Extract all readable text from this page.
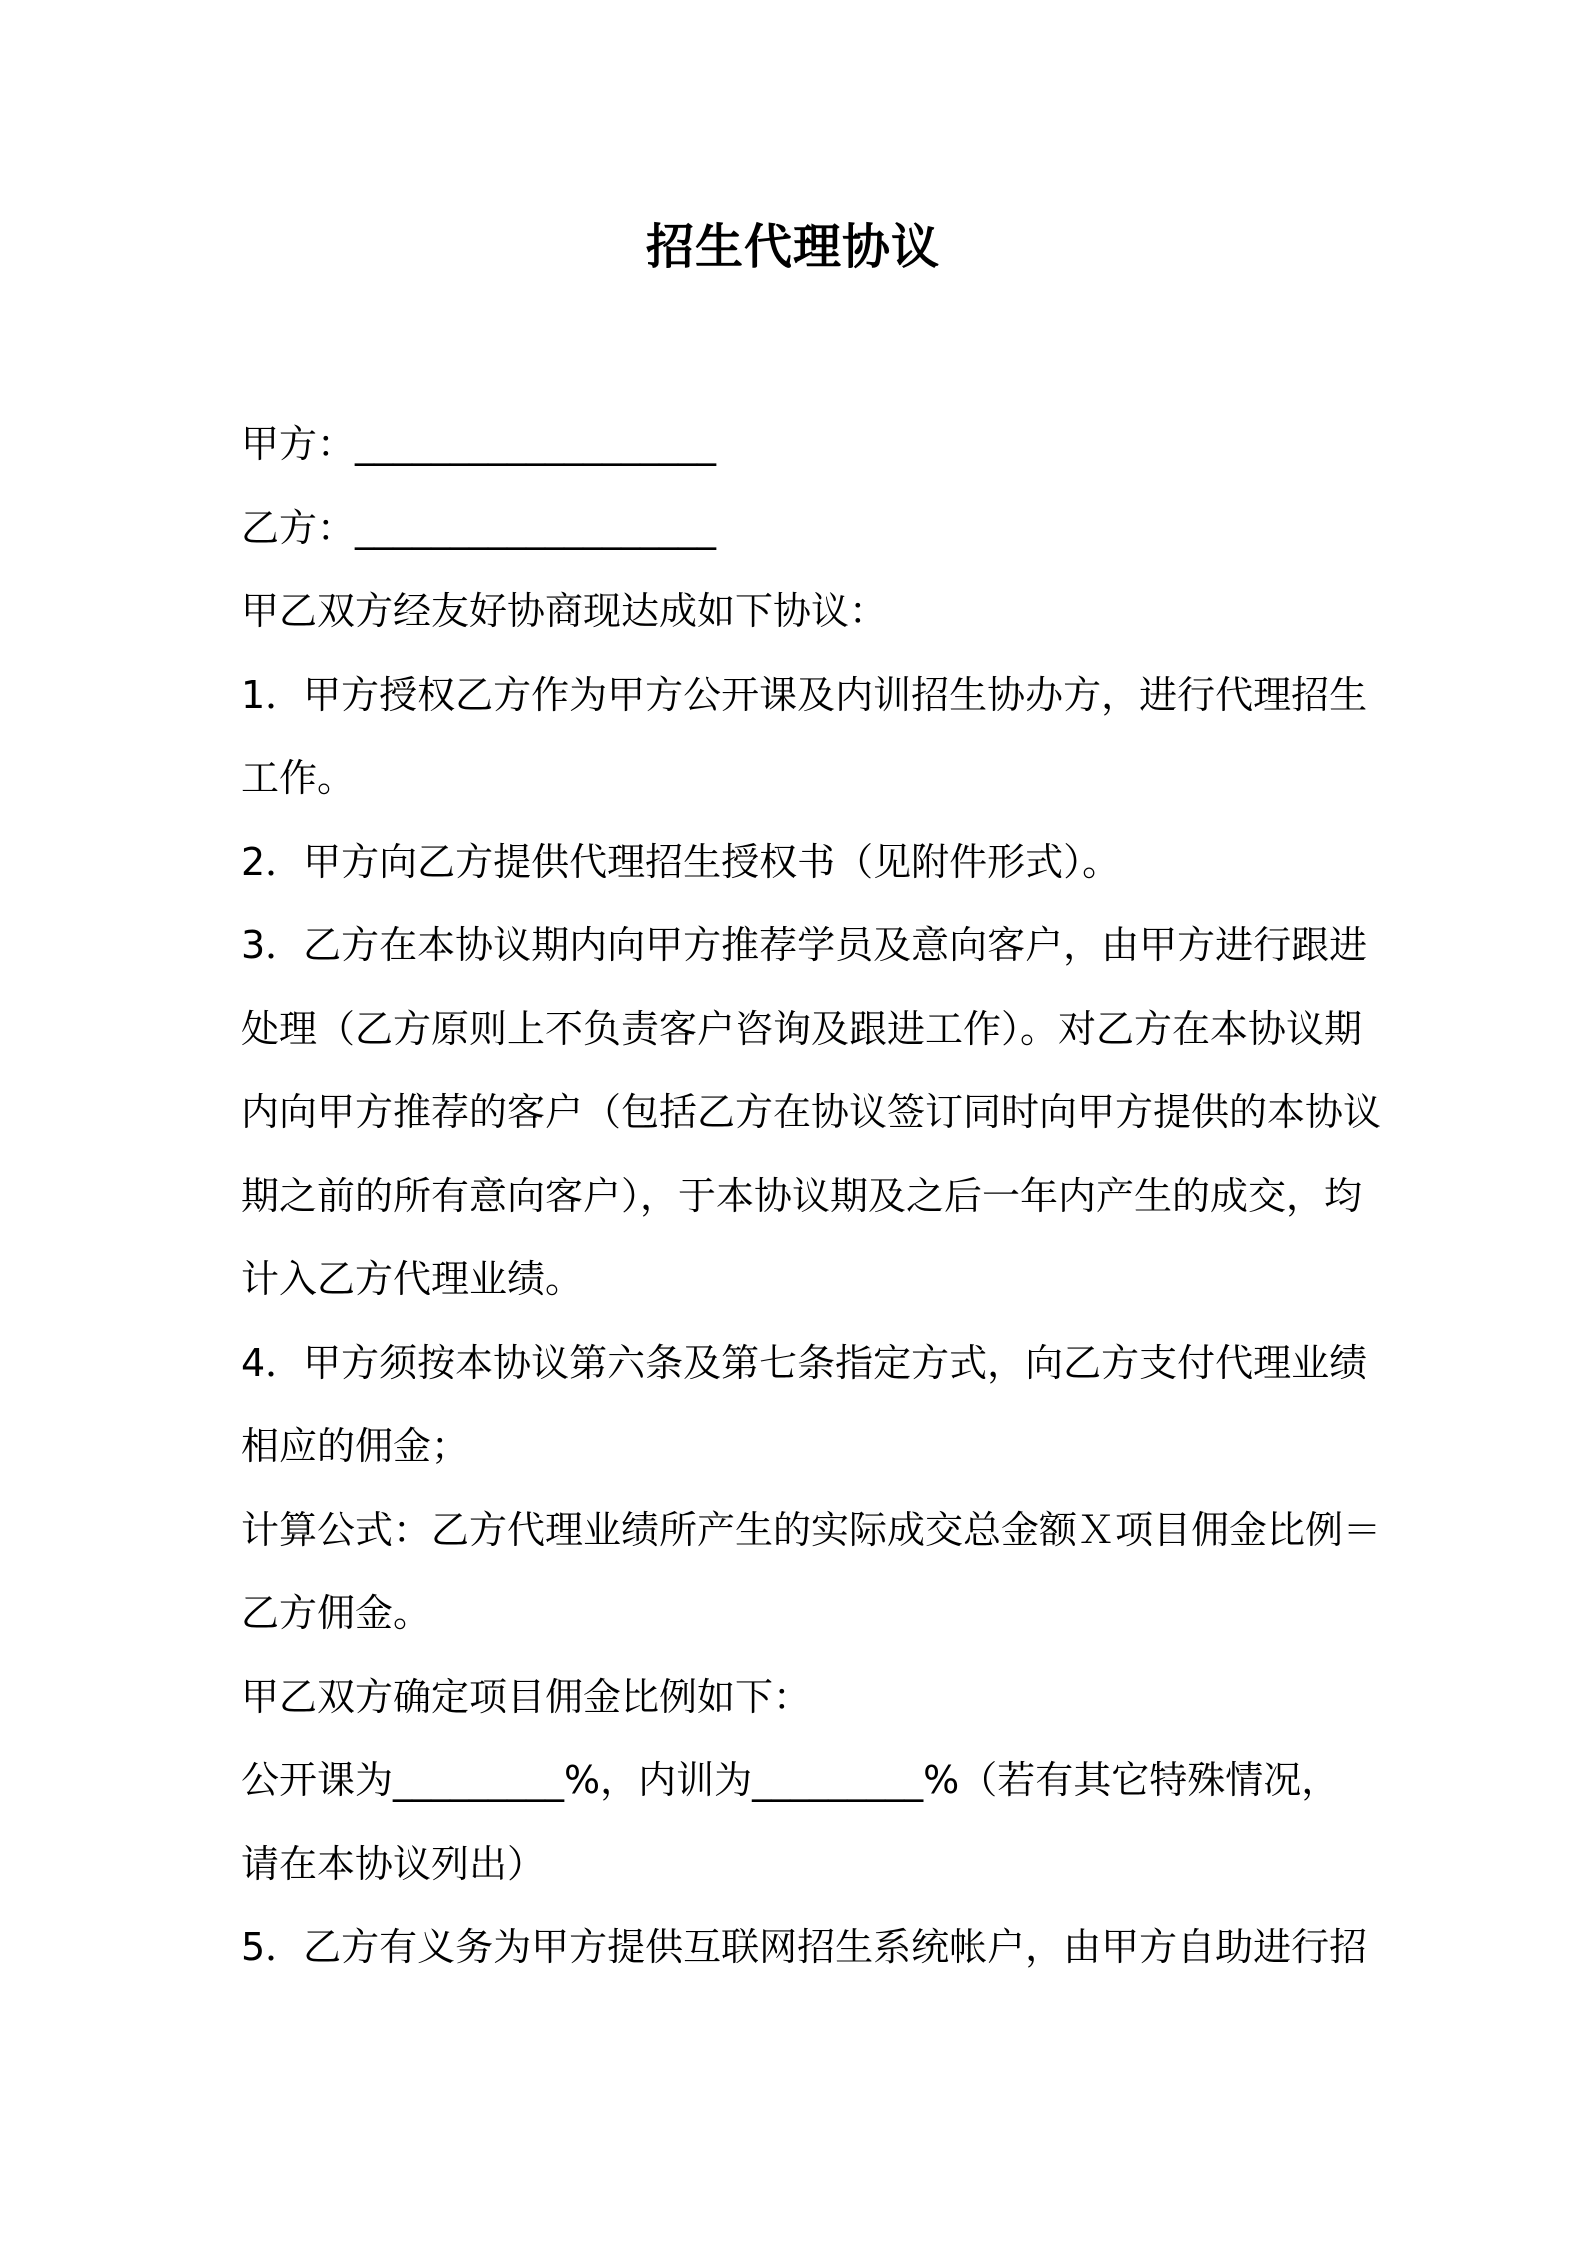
招生代理协议
甲方：___________________
乙方：___________________
甲乙双方经友好协商现达成如下协议：
1．甲方授权乙方作为甲方公开课及内训招生协办方，进行代理招生
工作。
2．甲方向乙方提供代理招生授权书（见附件形式）。
3．乙方在本协议期内向甲方推荐学员及意向客户，由甲方进行跟进
处理（乙方原则上不负责客户咨询及跟进工作）。对乙方在本协议期
内向甲方推荐的客户（包括乙方在协议签订同时向甲方提供的本协议
期之前的所有意向客户），于本协议期及之后一年内产生的成交，均
计入乙方代理业绩。
4．甲方须按本协议第六条及第七条指定方式，向乙方支付代理业绩
相应的佣金；
计算公式：乙方代理业绩所产生的实际成交总金额Ｘ项目佣金比例＝
乙方佣金。
甲乙双方确定项目佣金比例如下：
公开课为_________%，内训为_________%（若有其它特殊情况，
请在本协议列出）
5．乙方有义务为甲方提供互联网招生系统帐户，由甲方自助进行招
